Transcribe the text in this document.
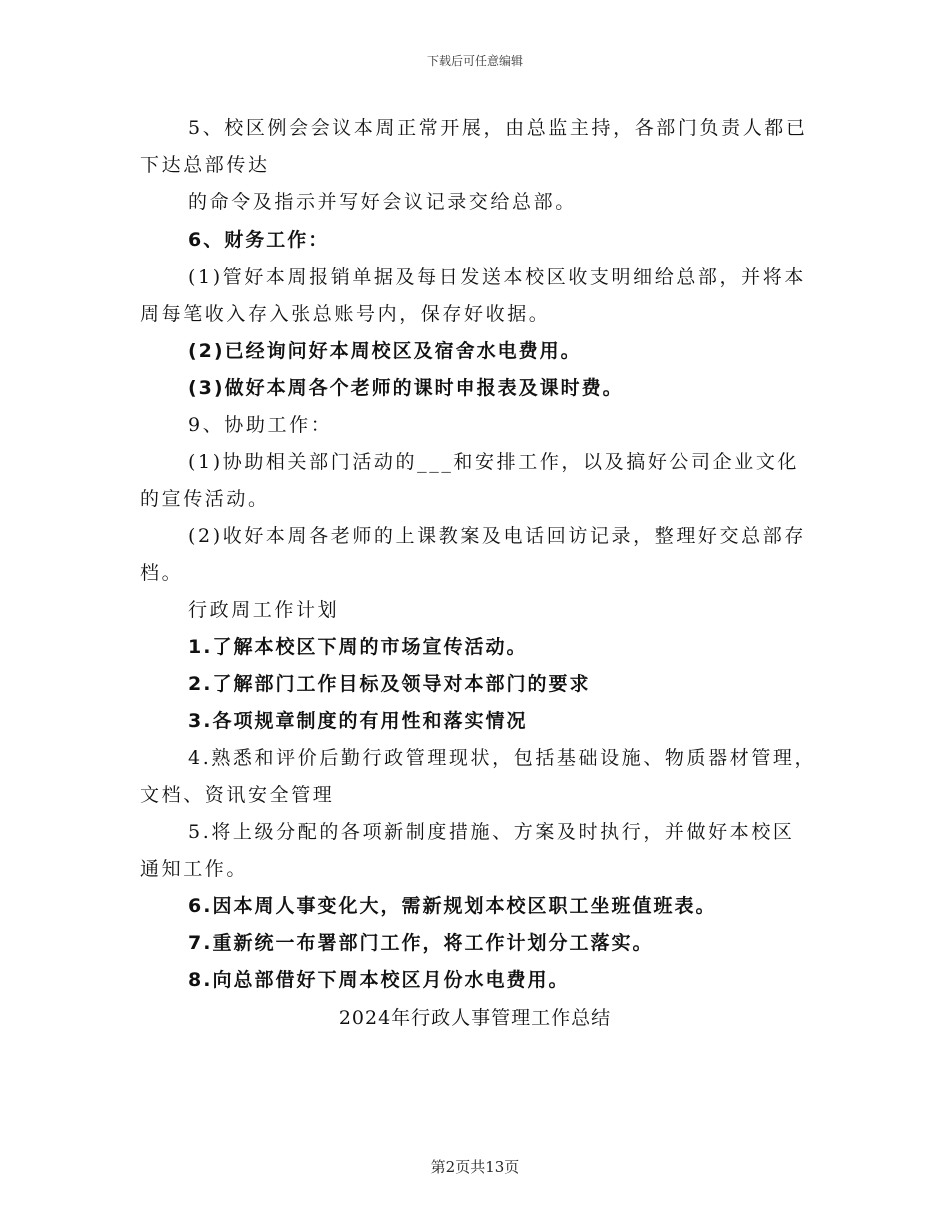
下载后可任意编辑
5、校区例会会议本周正常开展，由总监主持，各部门负责人都已
下达总部传达
的命令及指示并写好会议记录交给总部。
6、财务工作：
(1)管好本周报销单据及每日发送本校区收支明细给总部，并将本
周每笔收入存入张总账号内，保存好收据。
(2)已经询问好本周校区及宿舍水电费用。
(3)做好本周各个老师的课时申报表及课时费。
9、协助工作：
(1)协助相关部门活动的___和安排工作，以及搞好公司企业文化
的宣传活动。
(2)收好本周各老师的上课教案及电话回访记录，整理好交总部存
档。
行政周工作计划
1.了解本校区下周的市场宣传活动。
2.了解部门工作目标及领导对本部门的要求
3.各项规章制度的有用性和落实情况
4.熟悉和评价后勤行政管理现状，包括基础设施、物质器材管理，
文档、资讯安全管理
5.将上级分配的各项新制度措施、方案及时执行，并做好本校区
通知工作。
6.因本周人事变化大，需新规划本校区职工坐班值班表。
7.重新统一布署部门工作，将工作计划分工落实。
8.向总部借好下周本校区月份水电费用。
2024年行政人事管理工作总结
第2页共13页
